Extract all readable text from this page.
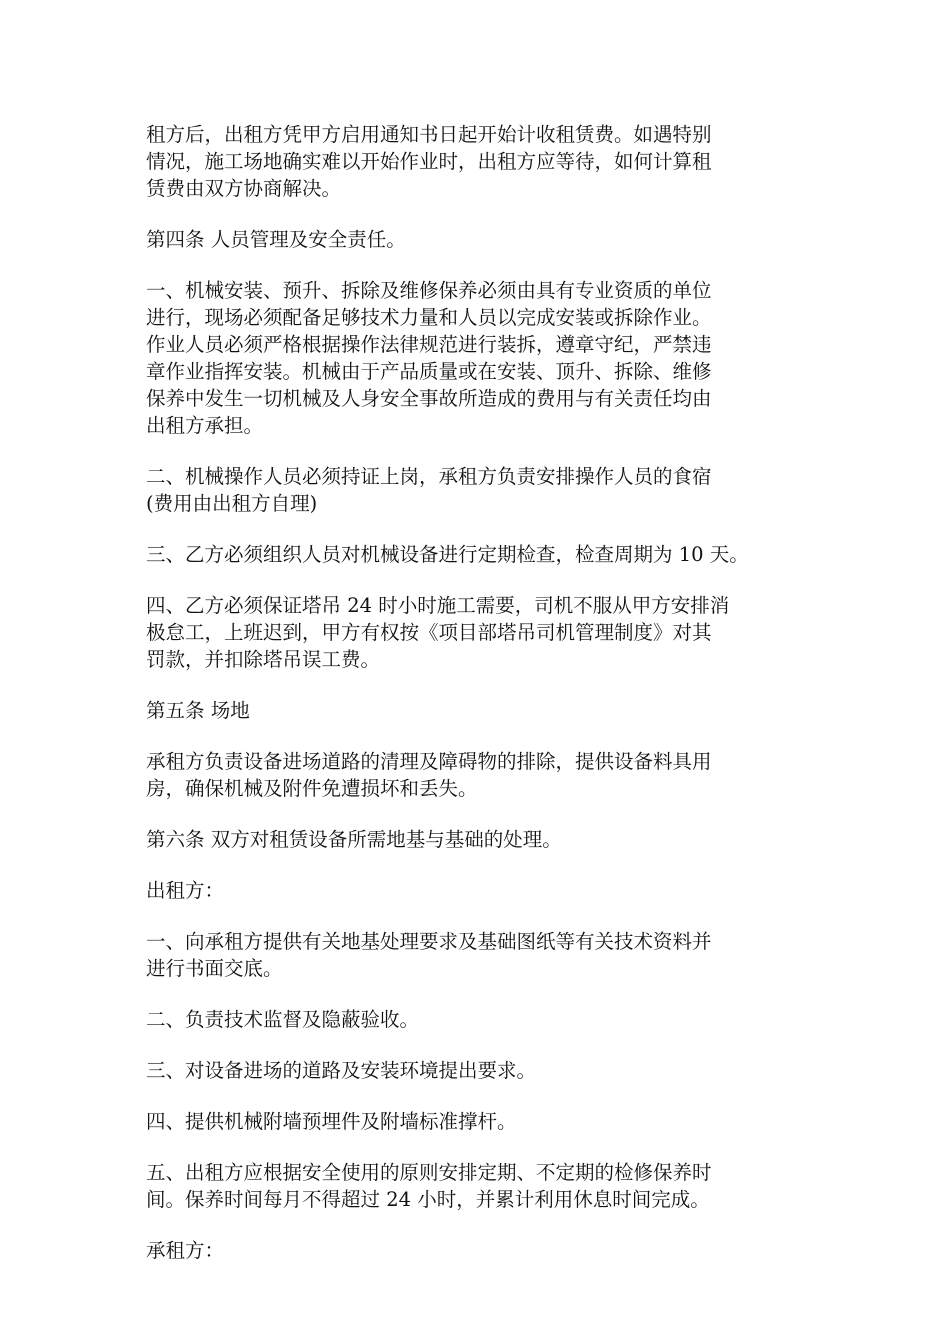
租方后，出租方凭甲方启用通知书日起开始计收租赁费。如遇特别
情况，施工场地确实难以开始作业时，出租方应等待，如何计算租
赁费由双方协商解决。

第四条 人员管理及安全责任。

一、机械安装、预升、拆除及维修保养必须由具有专业资质的单位
进行，现场必须配备足够技术力量和人员以完成安装或拆除作业。
作业人员必须严格根据操作法律规范进行装拆，遵章守纪，严禁违
章作业指挥安装。机械由于产品质量或在安装、顶升、拆除、维修
保养中发生一切机械及人身安全事故所造成的费用与有关责任均由
出租方承担。

二、机械操作人员必须持证上岗，承租方负责安排操作人员的食宿
(费用由出租方自理)

三、乙方必须组织人员对机械设备进行定期检查，检查周期为 10 天。

四、乙方必须保证塔吊 24 时小时施工需要，司机不服从甲方安排消
极怠工，上班迟到，甲方有权按《项目部塔吊司机管理制度》对其
罚款，并扣除塔吊误工费。

第五条 场地

承租方负责设备进场道路的清理及障碍物的排除，提供设备料具用
房，确保机械及附件免遭损坏和丢失。

第六条 双方对租赁设备所需地基与基础的处理。

出租方：

一、向承租方提供有关地基处理要求及基础图纸等有关技术资料并
进行书面交底。

二、负责技术监督及隐蔽验收。

三、对设备进场的道路及安装环境提出要求。

四、提供机械附墙预埋件及附墙标准撑杆。

五、出租方应根据安全使用的原则安排定期、不定期的检修保养时
间。保养时间每月不得超过 24 小时，并累计利用休息时间完成。

承租方：
